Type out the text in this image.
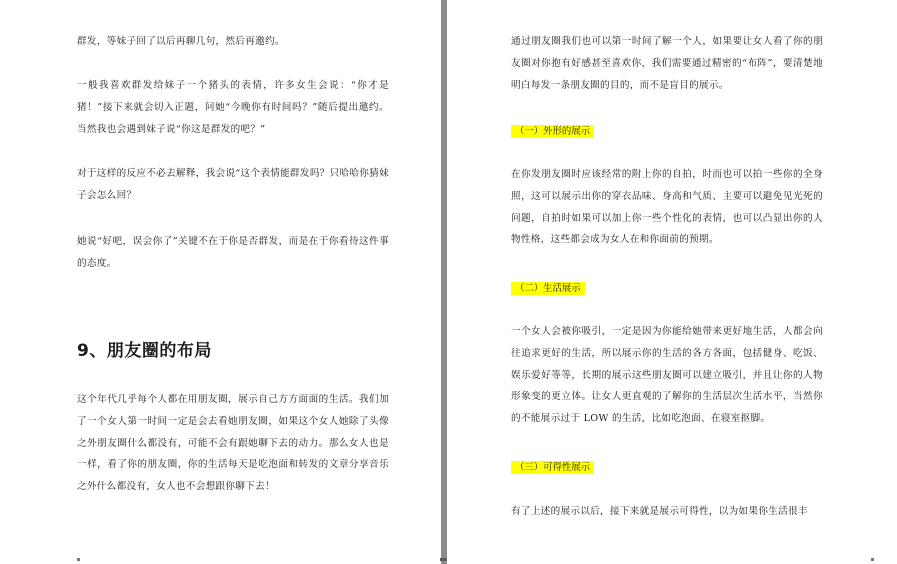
群发，等妹子回了以后再聊几句，然后再邀约。

一般我喜欢群发给妹子一个猪头的表情，许多女生会说：“你才是猪！”接下来就会切入正题，问她“今晚你有时间吗？”随后提出邀约。当然我也会遇到妹子说“你这是群发的吧？”

对于这样的反应不必去解释，我会说“这个表情能群发吗？只哈哈你猜妹子会怎么回？

她说“好吧，误会你了”关键不在于你是否群发，而是在于你看待这件事的态度。

9、朋友圈的布局

这个年代几乎每个人都在用朋友圈，展示自己方方面面的生活。我们加了一个女人第一时间一定是会去看她朋友圈，如果这个女人她除了头像之外朋友圈什么都没有，可能不会有跟她聊下去的动力。那么女人也是一样，看了你的朋友圈，你的生活每天是吃泡面和转发的文章分享音乐之外什么都没有，女人也不会想跟你聊下去！

通过朋友圈我们也可以第一时间了解一个人，如果要让女人看了你的朋友圈对你抱有好感甚至喜欢你，我们需要通过精密的“布阵”，要清楚地明白每发一条朋友圈的目的，而不是盲目的展示。

（一）外形的展示

在你发朋友圈时应该经常的附上你的自拍，时而也可以拍一些你的全身照，这可以展示出你的穿衣品味、身高和气质、主要可以避免见光死的问题，自拍时如果可以加上你一些个性化的表情，也可以凸显出你的人物性格，这些都会成为女人在和你面前的预期。

（二）生活展示

一个女人会被你吸引，一定是因为你能给她带来更好地生活，人都会向往追求更好的生活，所以展示你的生活的各方各面，包括健身、吃饭、娱乐爱好等等，长期的展示这些朋友圈可以建立吸引，并且让你的人物形象变的更立体。让女人更直观的了解你的生活层次生活水平，当然你的不能展示过于 LOW 的生活，比如吃泡面、在寝室抠脚。

（三）可得性展示

有了上述的展示以后，接下来就是展示可得性，以为如果你生活很丰
